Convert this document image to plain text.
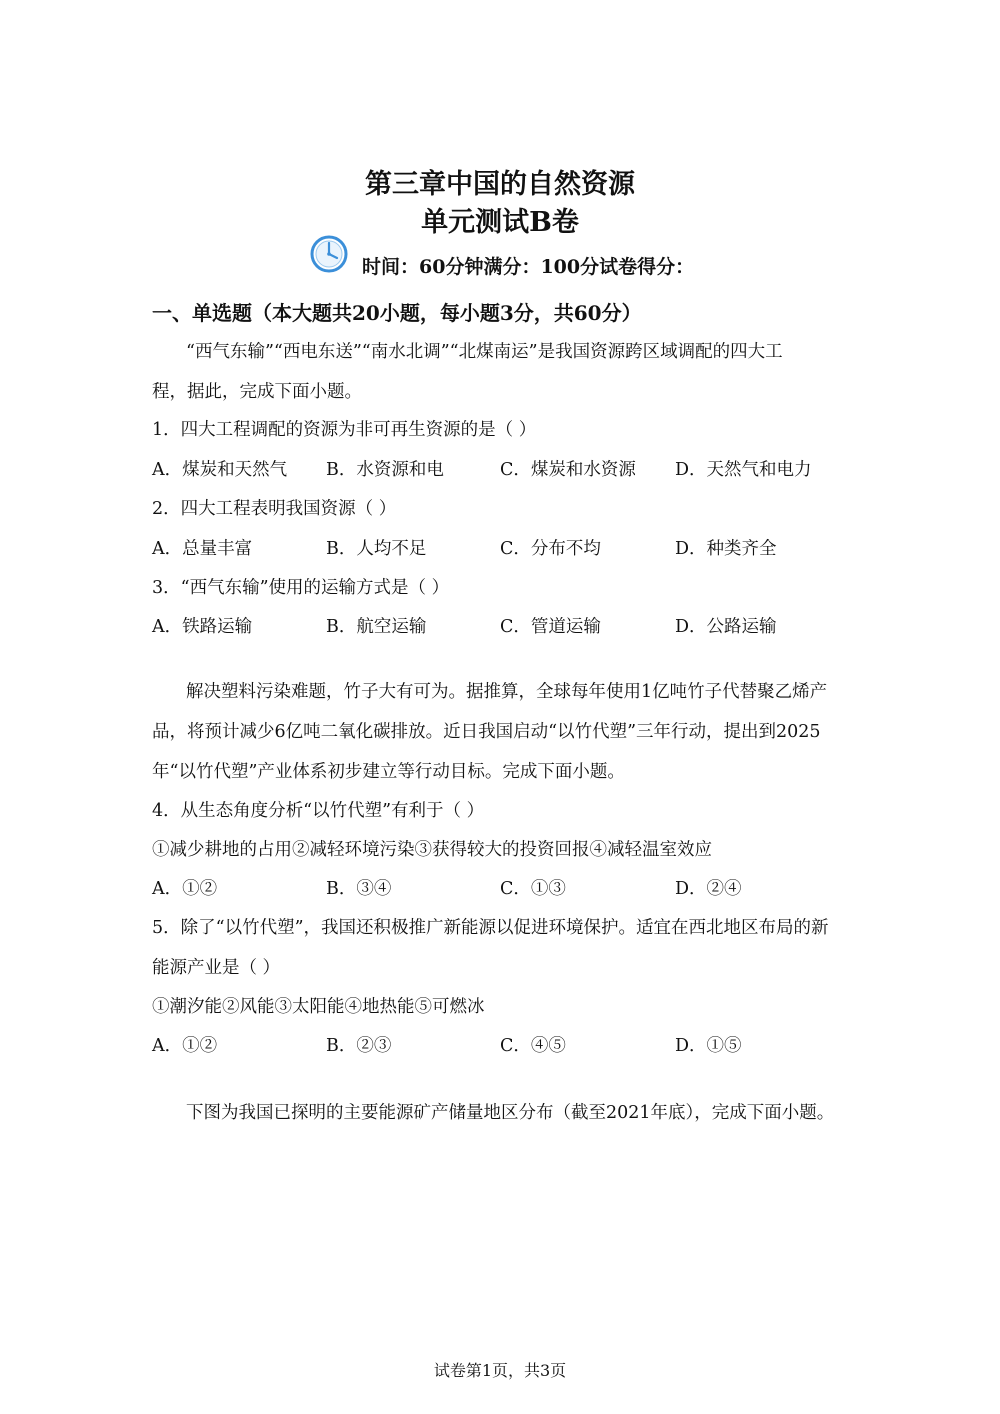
第三章中国的自然资源
单元测试B卷
时间：60分钟满分：100分试卷得分：
一、单选题（本大题共20小题，每小题3分，共60分）
“西气东输”“西电东送”“南水北调”“北煤南运”是我国资源跨区域调配的四大工
程，据此，完成下面小题。
1．四大工程调配的资源为非可再生资源的是（ ）
A．煤炭和天然气 B．水资源和电	C．煤炭和水资源 D．天然气和电力
2．四大工程表明我国资源（ ）
A．总量丰富	B．人均不足	C．分布不均	D．种类齐全
3．“西气东输”使用的运输方式是（ ）
A．铁路运输	B．航空运输	C．管道运输	D．公路运输
解决塑料污染难题，竹子大有可为。据推算，全球每年使用1亿吨竹子代替聚乙烯产
品，将预计减少6亿吨二氧化碳排放。近日我国启动“以竹代塑”三年行动，提出到2025
年“以竹代塑”产业体系初步建立等行动目标。完成下面小题。
4．从生态角度分析“以竹代塑”有利于（ ）
①减少耕地的占用②减轻环境污染③获得较大的投资回报④减轻温室效应
A．①②	B．③④	C．①③	D．②④
5．除了“以竹代塑”，我国还积极推广新能源以促进环境保护。适宜在西北地区布局的新
能源产业是（ ）
①潮汐能②风能③太阳能④地热能⑤可燃冰
A．①②	B．②③	C．④⑤	D．①⑤
下图为我国已探明的主要能源矿产储量地区分布（截至2021年底），完成下面小题。
试卷第1页，共3页
